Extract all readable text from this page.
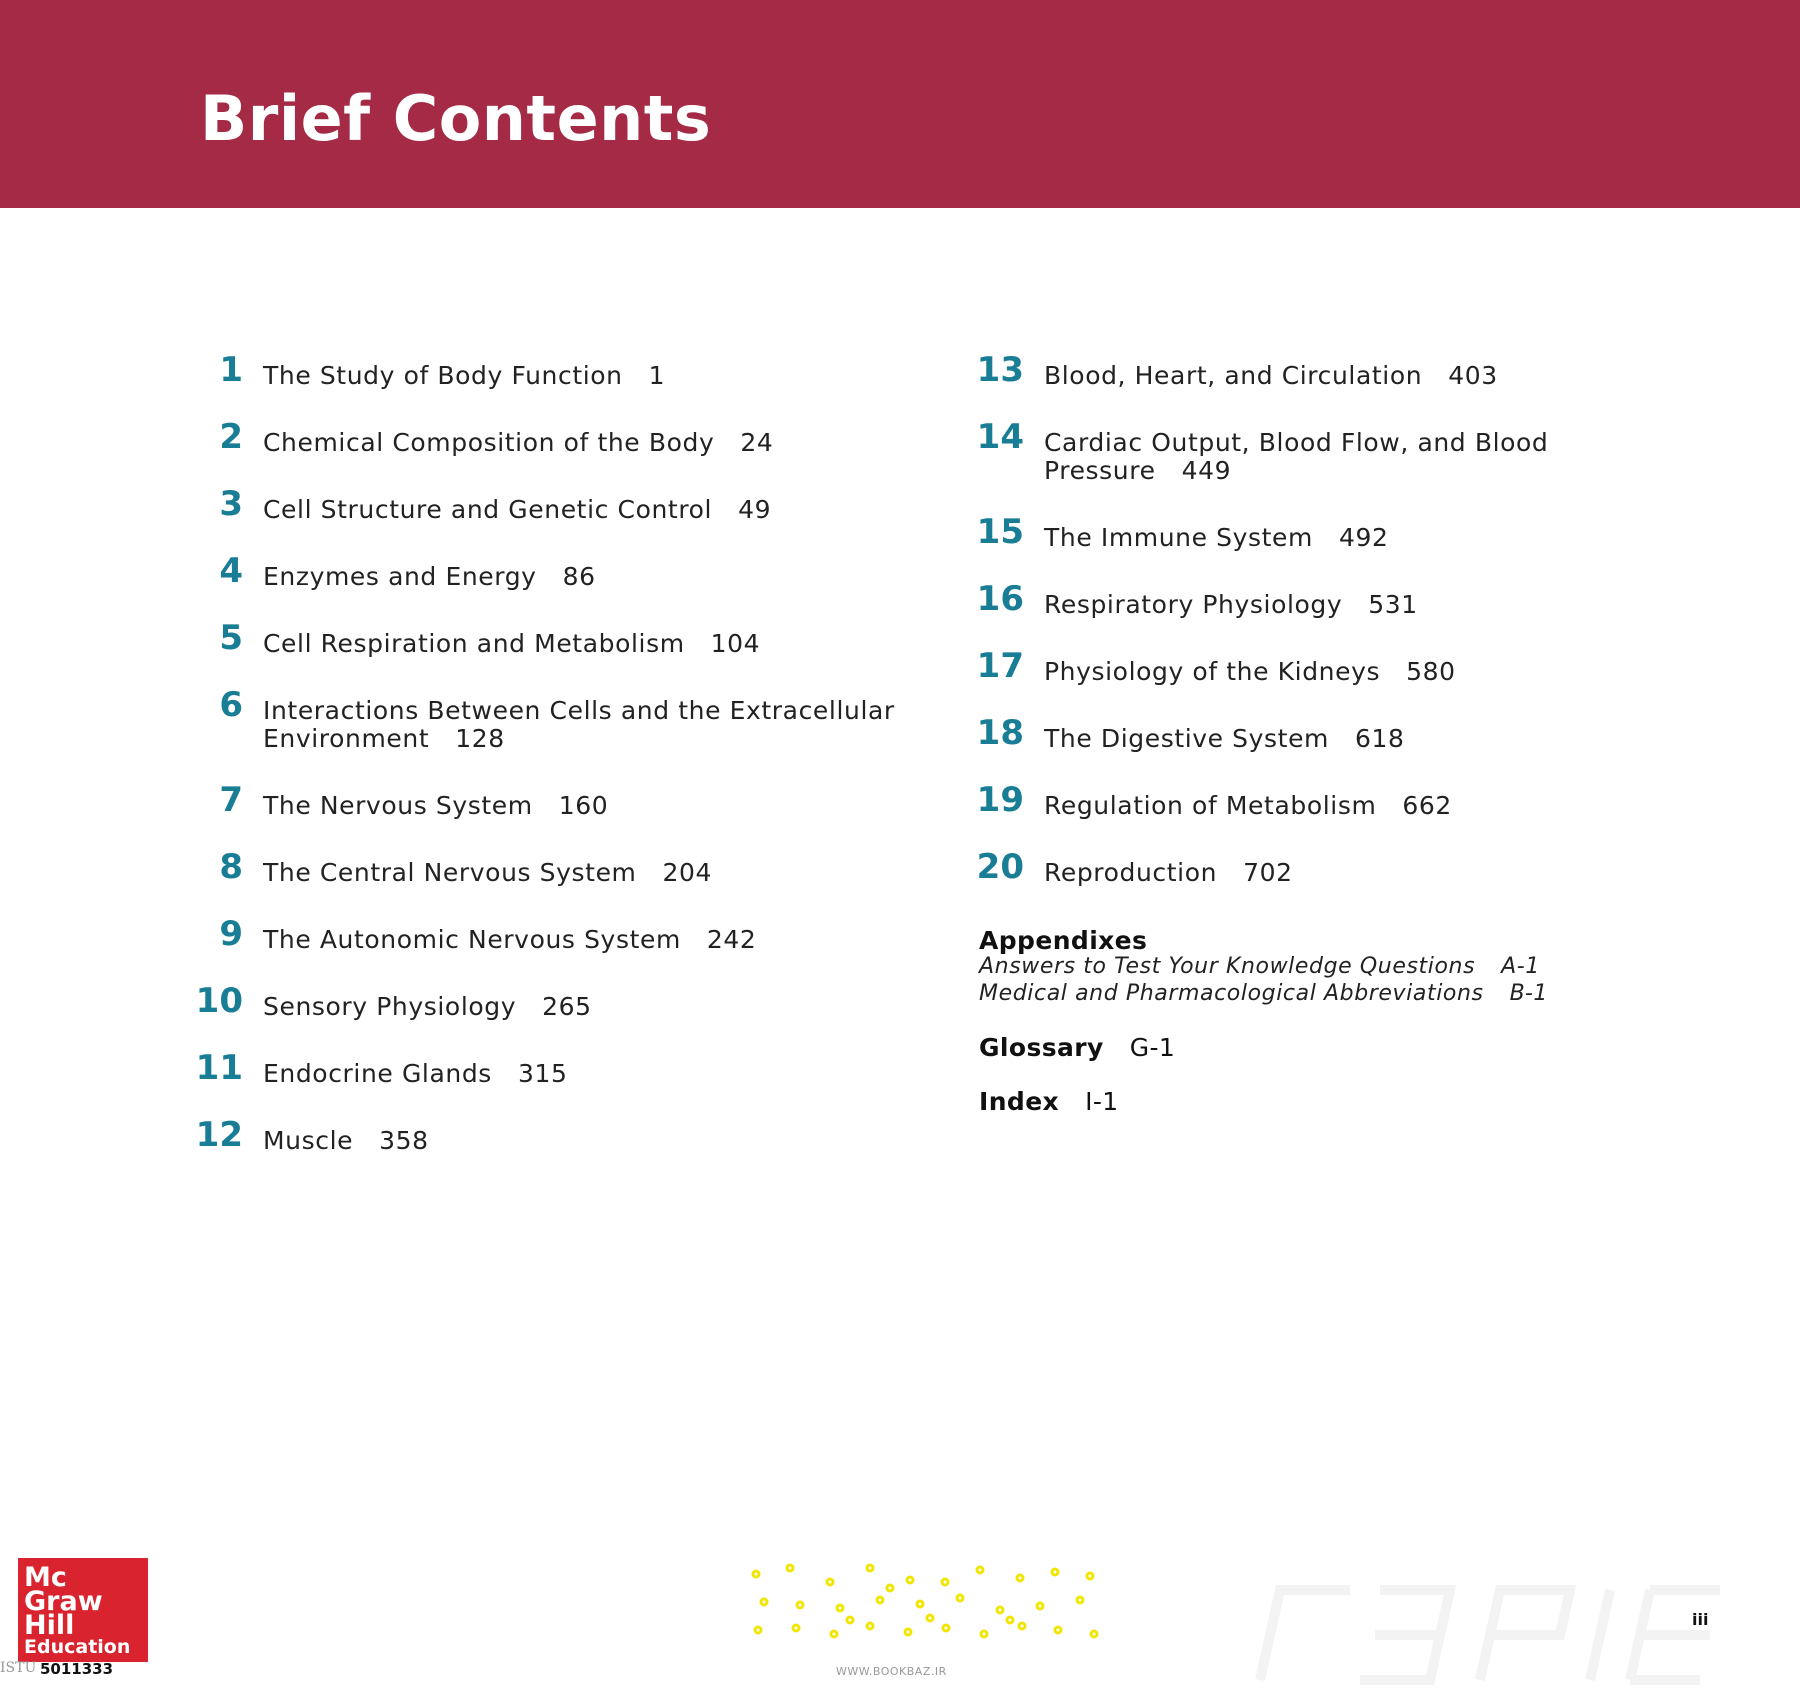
Brief Contents
1 The Study of Body Function 1
2 Chemical Composition of the Body 24
3 Cell Structure and Genetic Control 49
4 Enzymes and Energy 86
5 Cell Respiration and Metabolism 104
6 Interactions Between Cells and the Extracellular
Environment 128
7 The Nervous System 160
8 The Central Nervous System 204
9 The Autonomic Nervous System 242
10 Sensory Physiology 265
11 Endocrine Glands 315
12 Muscle 358
13 Blood, Heart, and Circulation 403
14 Cardiac Output, Blood Flow, and Blood
Pressure 449
15 The Immune System 492
16 Respiratory Physiology 531
17 Physiology of the Kidneys 580
18 The Digestive System 618
19 Regulation of Metabolism 662
20 Reproduction 702
Appendixes
Answers to Test Your Knowledge Questions A-1
Medical and Pharmacological Abbreviations B-1
Glossary G-1
Index I-1
Mc
Graw
Hill
Education
ISTU 5011333	WWW.BOOKBAZ.IR
iii
